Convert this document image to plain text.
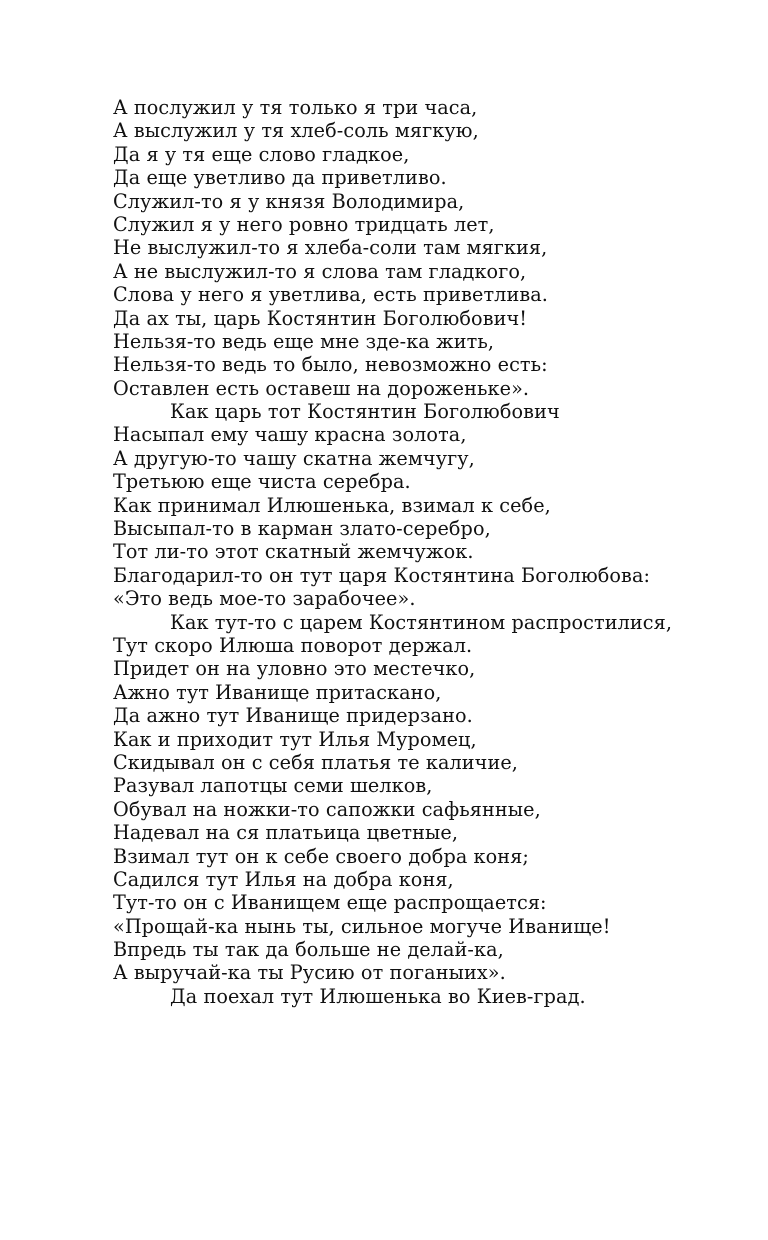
А послужил у тя только я три часа,
А выслужил у тя хлеб-соль мягкую,
Да я у тя еще слово гладкое,
Да еще уветливо да приветливо.
Служил-то я у князя Володимира,
Служил я у него ровно тридцать лет,
Не выслужил-то я хлеба-соли там мягкия,
А не выслужил-то я слова там гладкого,
Слова у него я уветлива, есть приветлива.
Да ах ты, царь Костянтин Боголюбович!
Нельзя-то ведь еще мне зде-ка жить,
Нельзя-то ведь то было, невозможно есть:
Оставлен есть оставеш на дороженьке».
Как царь тот Костянтин Боголюбович
Насыпал ему чашу красна золота,
А другую-то чашу скатна жемчугу,
Третьюю еще чиста серебра.
Как принимал Илюшенька, взимал к себе,
Высыпал-то в карман злато-серебро,
Тот ли-то этот скатный жемчужок.
Благодарил-то он тут царя Костянтина Боголюбова:
«Это ведь мое-то зарабочее».
Как тут-то с царем Костянтином распростилися,
Тут скоро Илюша поворот держал.
Придет он на уловно это местечко,
Ажно тут Иванище притаскано,
Да ажно тут Иванище придерзано.
Как и приходит тут Илья Муромец,
Скидывал он с себя платья те каличие,
Разувал лапотцы семи шелков,
Обувал на ножки-то сапожки сафьянные,
Надевал на ся платьица цветные,
Взимал тут он к себе своего добра коня;
Садился тут Илья на добра коня,
Тут-то он с Иванищем еще распрощается:
«Прощай-ка нынь ты, сильное могуче Иванище!
Впредь ты так да больше не делай-ка,
А выручай-ка ты Русию от поганыих».
Да поехал тут Илюшенька во Киев-град.
